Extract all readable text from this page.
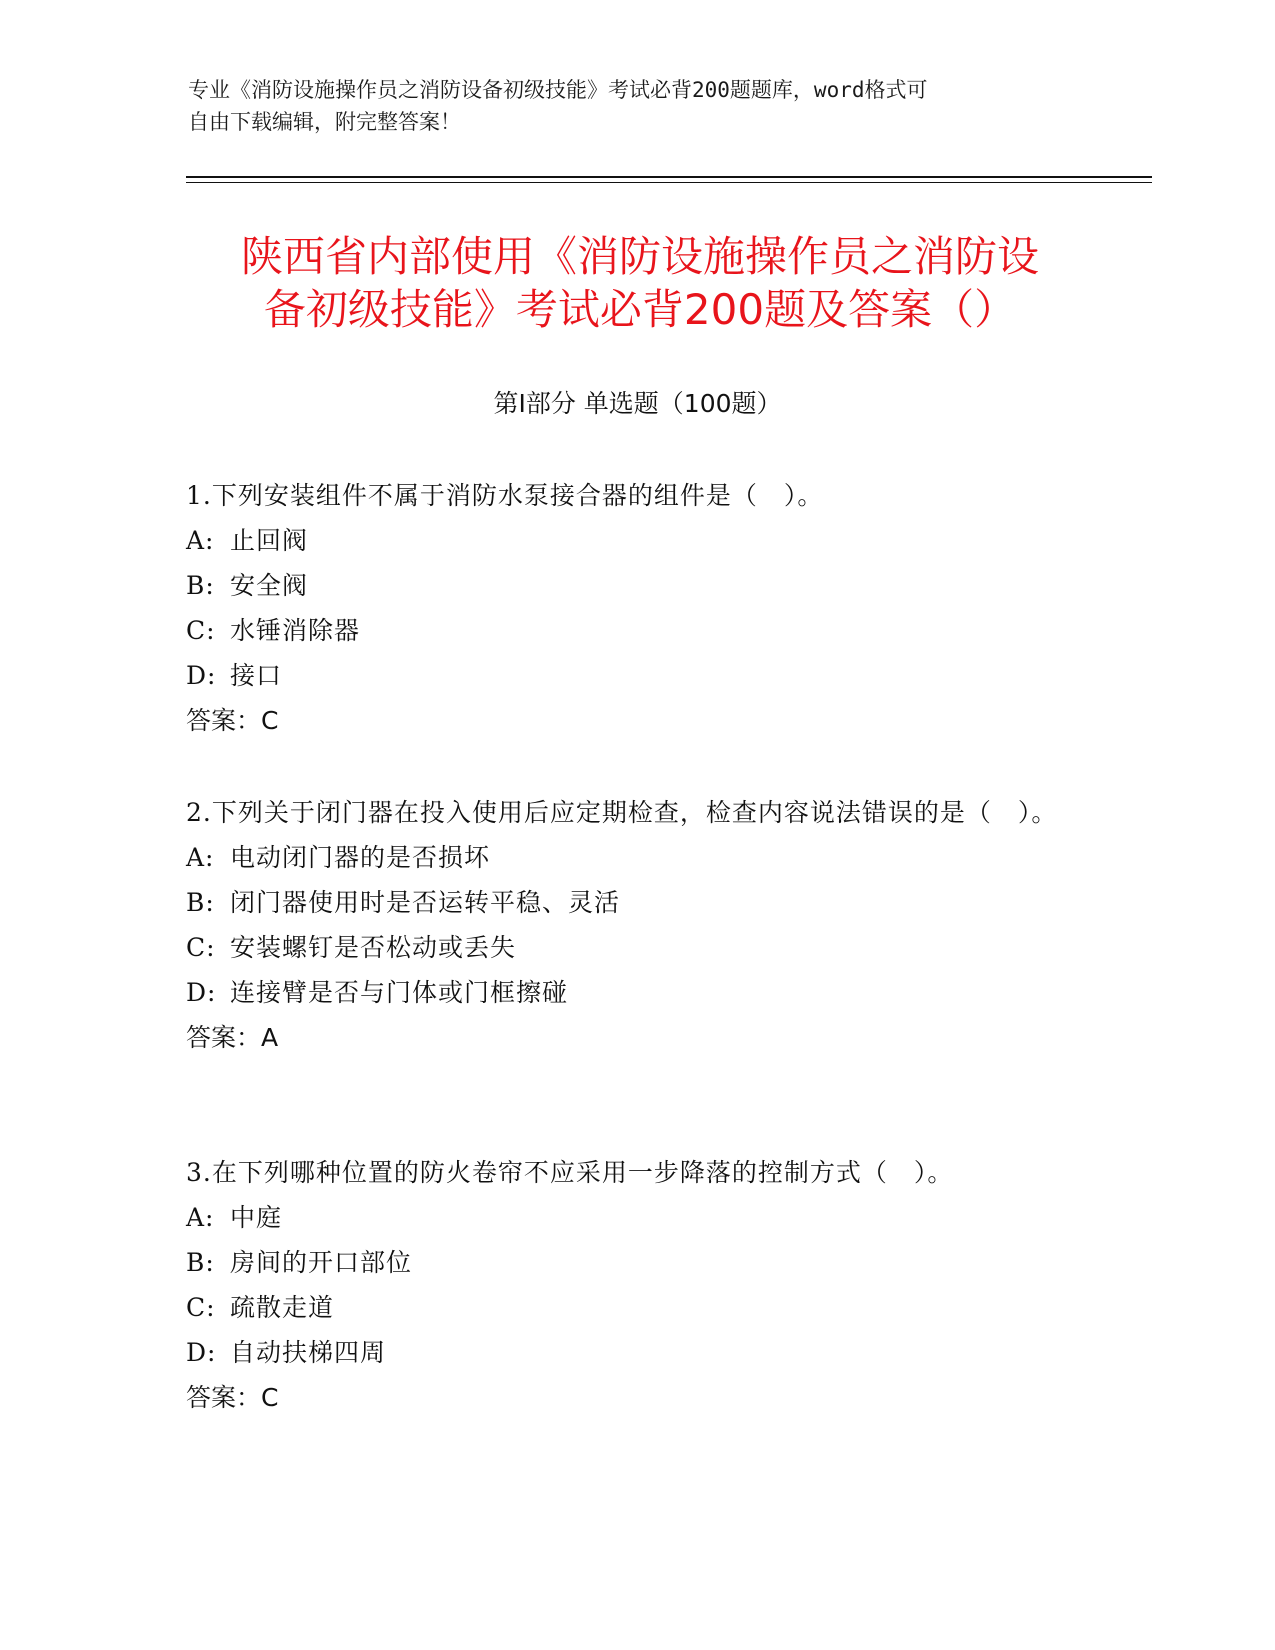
专业《消防设施操作员之消防设备初级技能》考试必背200题题库，word格式可
自由下载编辑，附完整答案！
陕西省内部使用《消防设施操作员之消防设
备初级技能》考试必背200题及答案（）
第Ⅰ部分 单选题（100题）

1.下列安装组件不属于消防水泵接合器的组件是（　）。

A: 止回阀

B: 安全阀

C: 水锤消除器

D: 接口

答案：C

2.下列关于闭门器在投入使用后应定期检查，检查内容说法错误的是（　）。

A: 电动闭门器的是否损坏

B: 闭门器使用时是否运转平稳、灵活

C: 安装螺钉是否松动或丢失

D: 连接臂是否与门体或门框擦碰

答案：A

3.在下列哪种位置的防火卷帘不应采用一步降落的控制方式（　）。

A: 中庭

B: 房间的开口部位

C: 疏散走道

D: 自动扶梯四周

答案：C
